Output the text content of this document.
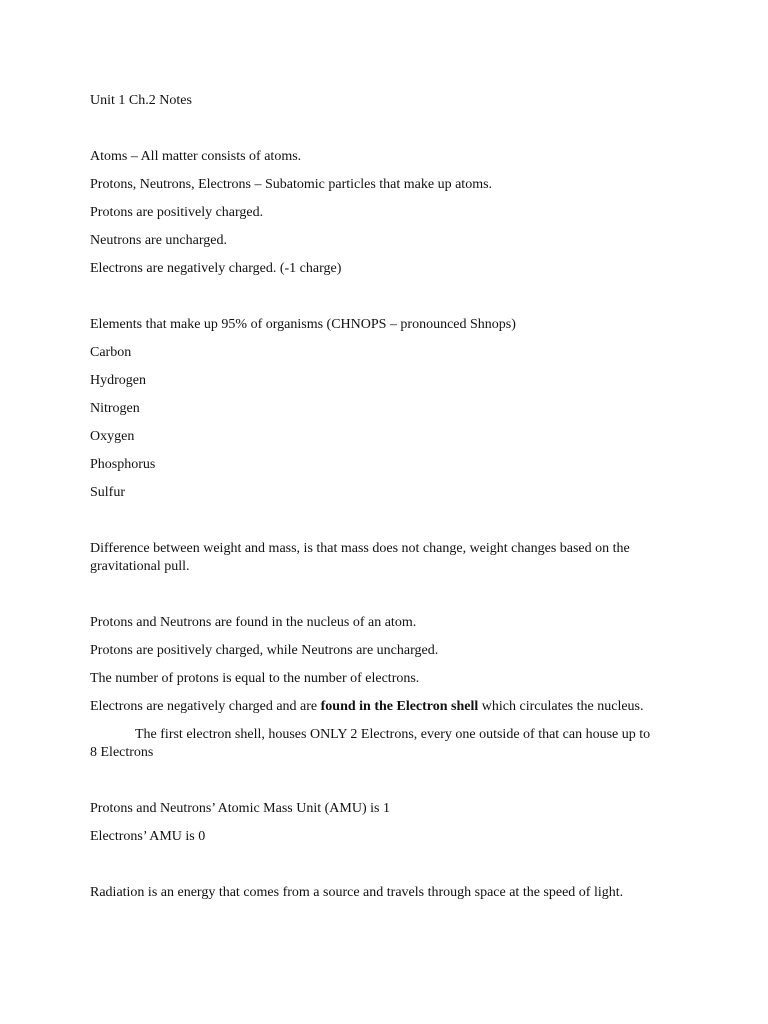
Unit 1 Ch.2 Notes
Atoms – All matter consists of atoms.
Protons, Neutrons, Electrons – Subatomic particles that make up atoms.
Protons are positively charged.
Neutrons are uncharged.
Electrons are negatively charged. (-1 charge)
Elements that make up 95% of organisms (CHNOPS – pronounced Shnops)
Carbon
Hydrogen
Nitrogen
Oxygen
Phosphorus
Sulfur
Difference between weight and mass, is that mass does not change, weight changes based on the gravitational pull.
Protons and Neutrons are found in the nucleus of an atom.
Protons are positively charged, while Neutrons are uncharged.
The number of protons is equal to the number of electrons.
Electrons are negatively charged and are found in the Electron shell which circulates the nucleus.
The first electron shell, houses ONLY 2 Electrons, every one outside of that can house up to 8 Electrons
Protons and Neutrons’ Atomic Mass Unit (AMU) is 1
Electrons’ AMU is 0
Radiation is an energy that comes from a source and travels through space at the speed of light.
